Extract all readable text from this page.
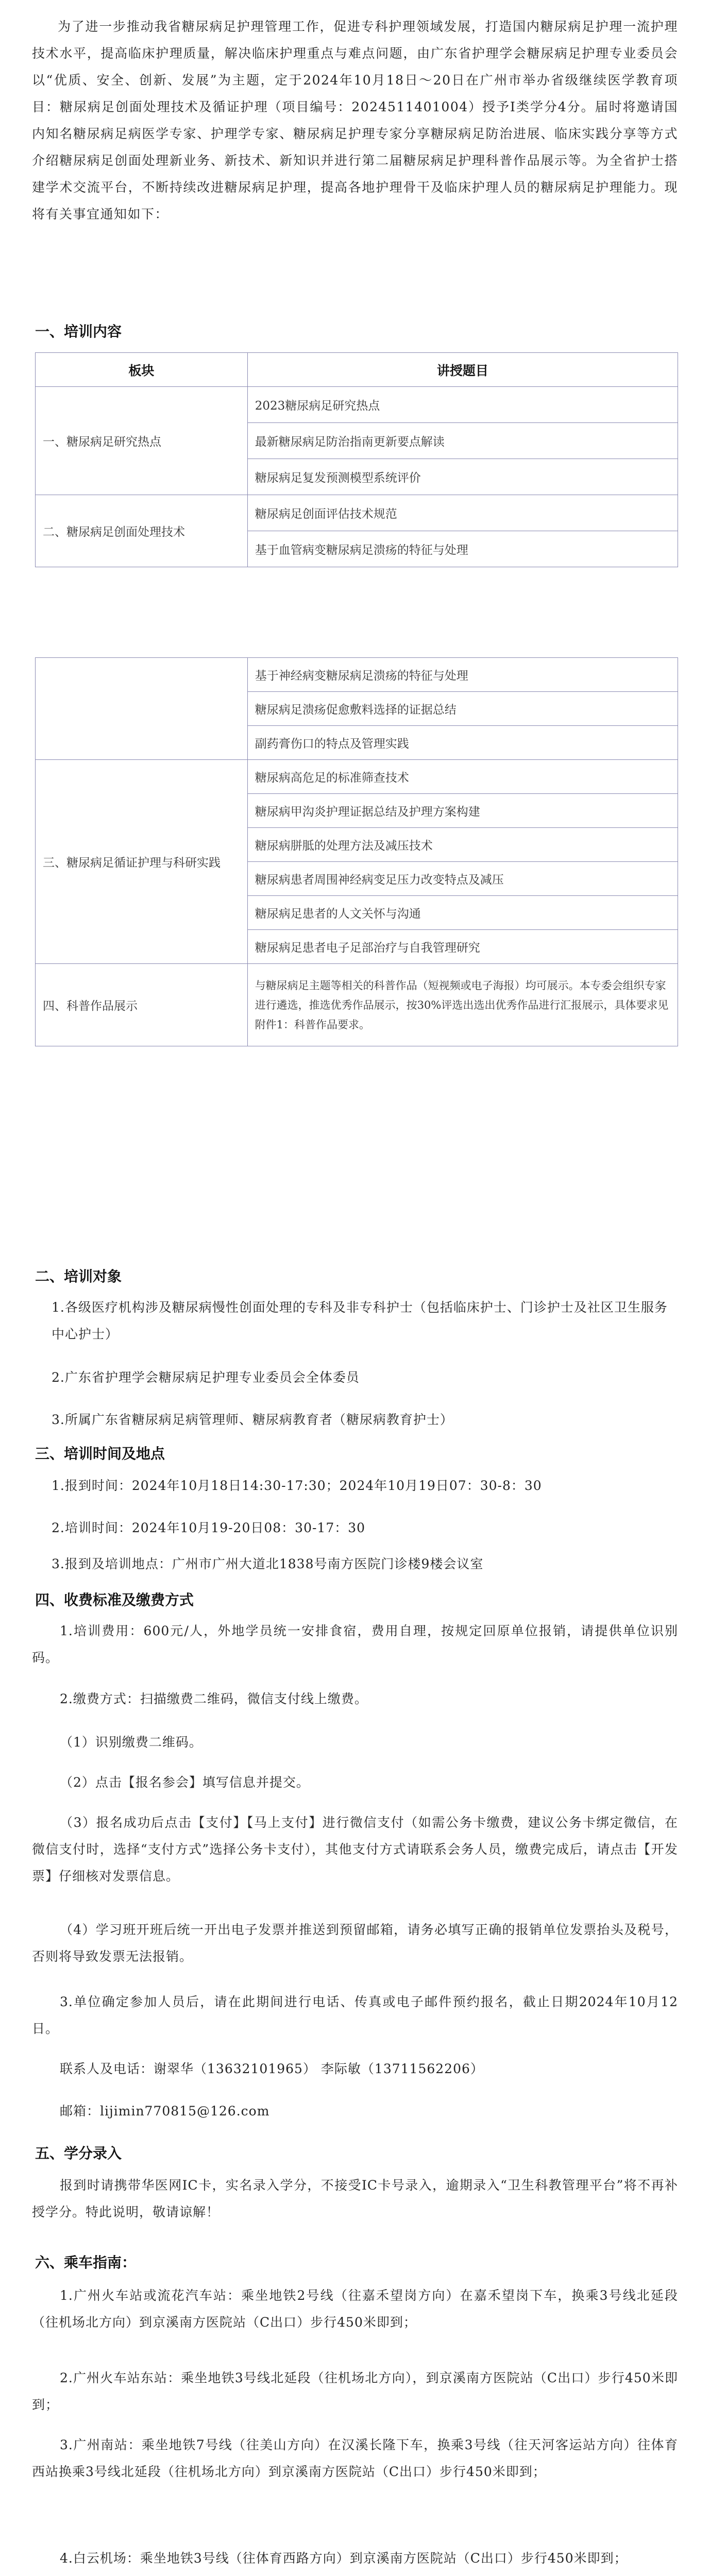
为了进一步推动我省糖尿病足护理管理工作，促进专科护理领域发展，打造国内糖尿病足护理一流护理技术水平，提高临床护理质量，解决临床护理重点与难点问题，由广东省护理学会糖尿病足护理专业委员会以“优质、安全、创新、发展”为主题，定于2024年10月18日～20日在广州市举办省级继续医学教育项目：糖尿病足创面处理技术及循证护理（项目编号：2024511401004）授予I类学分4分。届时将邀请国内知名糖尿病足病医学专家、护理学专家、糖尿病足护理专家分享糖尿病足防治进展、临床实践分享等方式介绍糖尿病足创面处理新业务、新技术、新知识并进行第二届糖尿病足护理科普作品展示等。为全省护士搭建学术交流平台，不断持续改进糖尿病足护理，提高各地护理骨干及临床护理人员的糖尿病足护理能力。现将有关事宜通知如下：

一、培训内容
板块	讲授题目
一、糖尿病足研究热点	2023糖尿病足研究热点
	最新糖尿病足防治指南更新要点解读
	糖尿病足复发预测模型系统评价
二、糖尿病足创面处理技术	糖尿病足创面评估技术规范
	基于血管病变糖尿病足溃疡的特征与处理
	基于神经病变糖尿病足溃疡的特征与处理
	糖尿病足溃疡促愈敷料选择的证据总结
	副药膏伤口的特点及管理实践
三、糖尿病足循证护理与科研实践	糖尿病高危足的标准筛查技术
	糖尿病甲沟炎护理证据总结及护理方案构建
	糖尿病胼胝的处理方法及减压技术
	糖尿病患者周围神经病变足压力改变特点及减压
	糖尿病足患者的人文关怀与沟通
	糖尿病足患者电子足部治疗与自我管理研究
四、科普作品展示	与糖尿病足主题等相关的科普作品（短视频或电子海报）均可展示。本专委会组织专家进行遴选，推选优秀作品展示，按30%评选出选出优秀作品进行汇报展示，具体要求见附件1：科普作品要求。
二、培训对象
1.各级医疗机构涉及糖尿病慢性创面处理的专科及非专科护士（包括临床护士、门诊护士及社区卫生服务中心护士）
2.广东省护理学会糖尿病足护理专业委员会全体委员
3.所属广东省糖尿病足病管理师、糖尿病教育者（糖尿病教育护士）
三、培训时间及地点
1.报到时间：2024年10月18日14:30-17:30；2024年10月19日07：30-8：30
2.培训时间：2024年10月19-20日08：30-17：30
3.报到及培训地点：广州市广州大道北1838号南方医院门诊楼9楼会议室
四、收费标准及缴费方式
1.培训费用：600元/人，外地学员统一安排食宿，费用自理，按规定回原单位报销，请提供单位识别码。
2.缴费方式：扫描缴费二维码，微信支付线上缴费。
（1）识别缴费二维码。
（2）点击【报名参会】填写信息并提交。
（3）报名成功后点击【支付】【马上支付】进行微信支付（如需公务卡缴费，建议公务卡绑定微信，在微信支付时，选择“支付方式”选择公务卡支付），其他支付方式请联系会务人员，缴费完成后，请点击【开发票】仔细核对发票信息。
（4）学习班开班后统一开出电子发票并推送到预留邮箱，请务必填写正确的报销单位发票抬头及税号，否则将导致发票无法报销。
3.单位确定参加人员后，请在此期间进行电话、传真或电子邮件预约报名，截止日期2024年10月12日。
联系人及电话：谢翠华（13632101965） 李际敏（13711562206）
邮箱：lijimin770815@126.com
五、学分录入
报到时请携带华医网IC卡，实名录入学分，不接受IC卡号录入，逾期录入“卫生科教管理平台”将不再补授学分。特此说明，敬请谅解！
六、乘车指南：
1.广州火车站或流花汽车站：乘坐地铁2号线（往嘉禾望岗方向）在嘉禾望岗下车，换乘3号线北延段（往机场北方向）到京溪南方医院站（C出口）步行450米即到；
2.广州火车站东站：乘坐地铁3号线北延段（往机场北方向），到京溪南方医院站（C出口）步行450米即到；
3.广州南站：乘坐地铁7号线（往美山方向）在汉溪长隆下车，换乘3号线（往天河客运站方向）往体育西站换乘3号线北延段（往机场北方向）到京溪南方医院站（C出口）步行450米即到；
4.白云机场：乘坐地铁3号线（往体育西路方向）到京溪南方医院站（C出口）步行450米即到；
